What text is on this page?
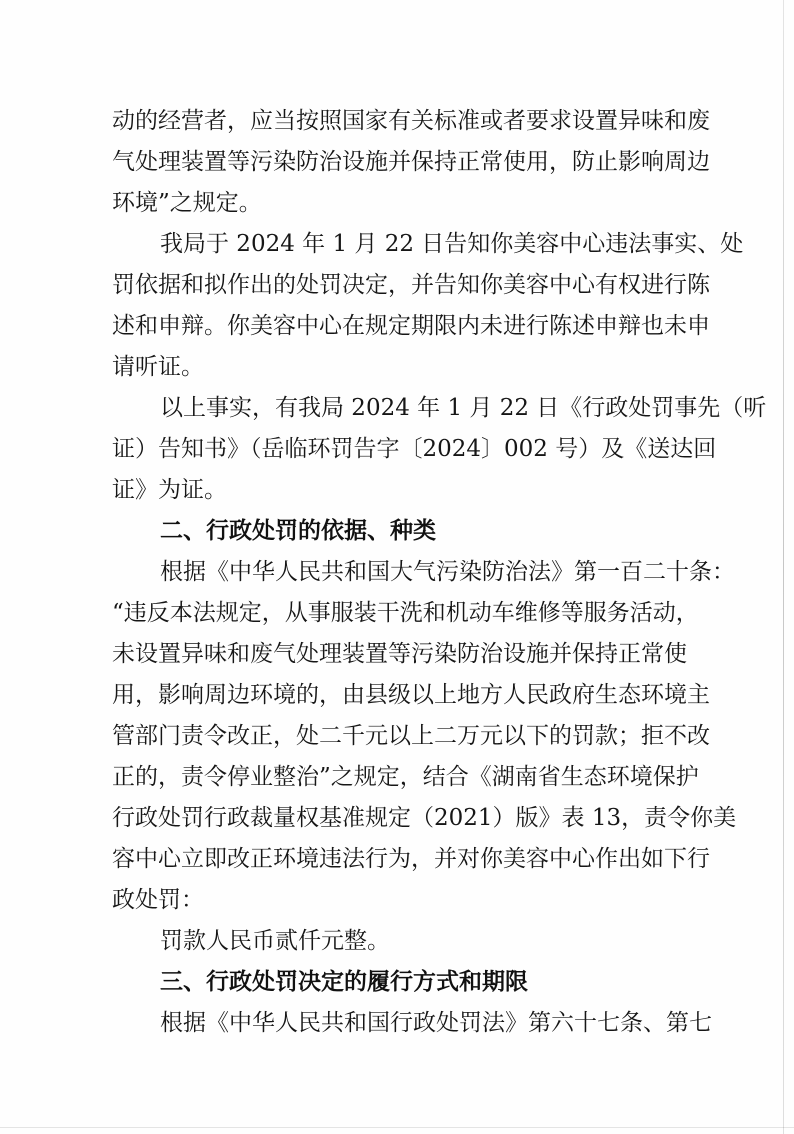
动的经营者，应当按照国家有关标准或者要求设置异味和废
气处理装置等污染防治设施并保持正常使用，防止影响周边
环境”之规定。
我局于 2024 年 1 月 22 日告知你美容中心违法事实、处
罚依据和拟作出的处罚决定，并告知你美容中心有权进行陈
述和申辩。你美容中心在规定期限内未进行陈述申辩也未申
请听证。
以上事实，有我局 2024 年 1 月 22 日《行政处罚事先（听
证）告知书》（岳临环罚告字〔2024〕002 号）及《送达回
证》为证。
二、行政处罚的依据、种类
根据《中华人民共和国大气污染防治法》第一百二十条：
“违反本法规定，从事服装干洗和机动车维修等服务活动，
未设置异味和废气处理装置等污染防治设施并保持正常使
用，影响周边环境的，由县级以上地方人民政府生态环境主
管部门责令改正，处二千元以上二万元以下的罚款；拒不改
正的，责令停业整治”之规定，结合《湖南省生态环境保护
行政处罚行政裁量权基准规定（2021）版》表 13，责令你美
容中心立即改正环境违法行为，并对你美容中心作出如下行
政处罚：
罚款人民币贰仟元整。
三、行政处罚决定的履行方式和期限
根据《中华人民共和国行政处罚法》第六十七条、第七
